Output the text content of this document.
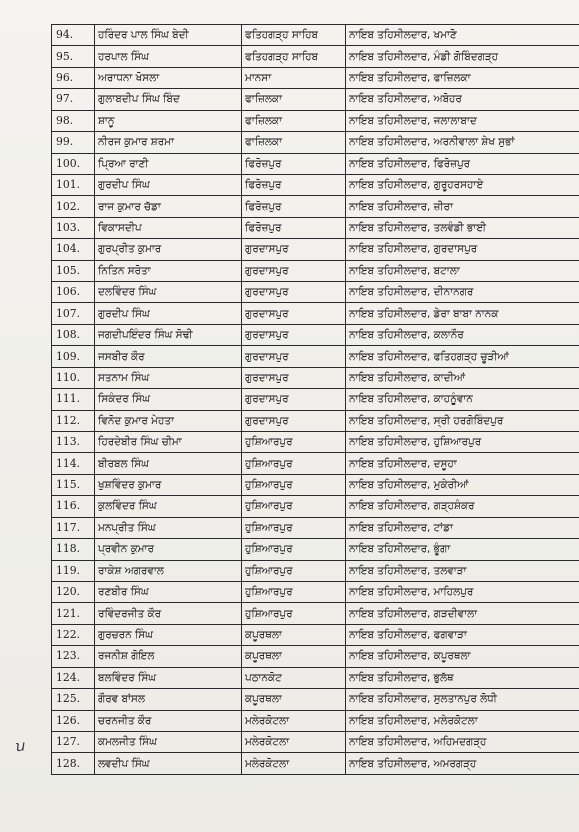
94.	ਹਰਿੰਦਰ ਪਾਲ ਸਿੰਘ ਬੇਦੀ	ਫਤਿਹਗੜ੍ਹ ਸਾਹਿਬ	ਨਾਇਬ ਤਹਿਸੀਲਦਾਰ, ਖਮਾਣੋ
95.	ਹਰਪਾਲ ਸਿੰਘ	ਫਤਿਹਗੜ੍ਹ ਸਾਹਿਬ	ਨਾਇਬ ਤਹਿਸੀਲਦਾਰ, ਮੰਡੀ ਗੋਬਿੰਦਗੜ੍ਹ
96.	ਅਰਾਧਨਾ ਖੋਸਲਾ	ਮਾਨਸਾ	ਨਾਇਬ ਤਹਿਸੀਲਦਾਰ, ਫਾਜ਼ਿਲਕਾ
97.	ਗੁਲਾਬਦੀਪ ਸਿੰਘ ਬਿੰਦ	ਫਾਜ਼ਿਲਕਾ	ਨਾਇਬ ਤਹਿਸੀਲਦਾਰ, ਅਬੋਹਰ
98.	ਸ਼ਾਨੂ	ਫਾਜ਼ਿਲਕਾ	ਨਾਇਬ ਤਹਿਸੀਲਦਾਰ, ਜਲਾਲਾਬਾਦ
99.	ਨੀਰਜ ਕੁਮਾਰ ਸ਼ਰਮਾ	ਫਾਜ਼ਿਲਕਾ	ਨਾਇਬ ਤਹਿਸੀਲਦਾਰ, ਅਰਨੀਵਾਲਾ ਸ਼ੇਖ ਸੁਭਾਂ
100.	ਪ੍ਰਿਆ ਰਾਣੀ	ਫਿਰੋਜ਼ਪੁਰ	ਨਾਇਬ ਤਹਿਸੀਲਦਾਰ, ਫਿਰੋਜ਼ਪੁਰ
101.	ਗੁਰਦੀਪ ਸਿੰਘ	ਫਿਰੋਜ਼ਪੁਰ	ਨਾਇਬ ਤਹਿਸੀਲਦਾਰ, ਗੁਰੂਹਰਸਹਾਏ
102.	ਰਾਜ ਕੁਮਾਰ ਚੱਡਾ	ਫਿਰੋਜ਼ਪੁਰ	ਨਾਇਬ ਤਹਿਸੀਲਦਾਰ, ਜ਼ੀਰਾ
103.	ਵਿਕਾਸਦੀਪ	ਫਿਰੋਜ਼ਪੁਰ	ਨਾਇਬ ਤਹਿਸੀਲਦਾਰ, ਤਲਵੰਡੀ ਭਾਈ
104.	ਗੁਰਪ੍ਰੀਤ ਕੁਮਾਰ	ਗੁਰਦਾਸਪੁਰ	ਨਾਇਬ ਤਹਿਸੀਲਦਾਰ, ਗੁਰਦਾਸਪੁਰ
105.	ਨਿਤਿਨ ਸਰੋਤਾ	ਗੁਰਦਾਸਪੁਰ	ਨਾਇਬ ਤਹਿਸੀਲਦਾਰ, ਬਟਾਲਾ
106.	ਦਲਵਿੰਦਰ ਸਿੰਘ	ਗੁਰਦਾਸਪੁਰ	ਨਾਇਬ ਤਹਿਸੀਲਦਾਰ, ਦੀਨਾਨਗਰ
107.	ਗੁਰਦੀਪ ਸਿੰਘ	ਗੁਰਦਾਸਪੁਰ	ਨਾਇਬ ਤਹਿਸੀਲਦਾਰ, ਡੇਰਾ ਬਾਬਾ ਨਾਨਕ
108.	ਜਗਦੀਪਇੰਦਰ ਸਿੰਘ ਸੋਢੀ	ਗੁਰਦਾਸਪੁਰ	ਨਾਇਬ ਤਹਿਸੀਲਦਾਰ, ਕਲਾਨੌਰ
109.	ਜਸਬੀਰ ਕੌਰ	ਗੁਰਦਾਸਪੁਰ	ਨਾਇਬ ਤਹਿਸੀਲਦਾਰ, ਫਤਿਹਗੜ੍ਹ ਚੂੜੀਆਂ
110.	ਸਤਨਾਮ ਸਿੰਘ	ਗੁਰਦਾਸਪੁਰ	ਨਾਇਬ ਤਹਿਸੀਲਦਾਰ, ਕਾਦੀਆਂ
111.	ਸਿਕੰਦਰ ਸਿੰਘ	ਗੁਰਦਾਸਪੁਰ	ਨਾਇਬ ਤਹਿਸੀਲਦਾਰ, ਕਾਹਨੂੰਵਾਨ
112.	ਵਿਨੋਦ ਕੁਮਾਰ ਮੇਹਤਾ	ਗੁਰਦਾਸਪੁਰ	ਨਾਇਬ ਤਹਿਸੀਲਦਾਰ, ਸ੍ਰੀ ਹਰਗੋਬਿੰਦਪੁਰ
113.	ਹਿਰਦੇਬੀਰ ਸਿੰਘ ਚੀਮਾ	ਹੁਸ਼ਿਆਰਪੁਰ	ਨਾਇਬ ਤਹਿਸੀਲਦਾਰ, ਹੁਸ਼ਿਆਰਪੁਰ
114.	ਬੀਰਬਲ ਸਿੰਘ	ਹੁਸ਼ਿਆਰਪੁਰ	ਨਾਇਬ ਤਹਿਸੀਲਦਾਰ, ਦਸੂਹਾ
115.	ਖੁਸ਼ਵਿੰਦਰ ਕੁਮਾਰ	ਹੁਸ਼ਿਆਰਪੁਰ	ਨਾਇਬ ਤਹਿਸੀਲਦਾਰ, ਮੁਕੇਰੀਆਂ
116.	ਕੁਲਵਿੰਦਰ ਸਿੰਘ	ਹੁਸ਼ਿਆਰਪੁਰ	ਨਾਇਬ ਤਹਿਸੀਲਦਾਰ, ਗੜ੍ਹਸ਼ੰਕਰ
117.	ਮਨਪ੍ਰੀਤ ਸਿੰਘ	ਹੁਸ਼ਿਆਰਪੁਰ	ਨਾਇਬ ਤਹਿਸੀਲਦਾਰ, ਟਾਂਡਾ
118.	ਪ੍ਰਵੀਨ ਕੁਮਾਰ	ਹੁਸ਼ਿਆਰਪੁਰ	ਨਾਇਬ ਤਹਿਸੀਲਦਾਰ, ਭੂੰਗਾ
119.	ਰਾਕੇਸ਼ ਅਗਰਵਾਲ	ਹੁਸ਼ਿਆਰਪੁਰ	ਨਾਇਬ ਤਹਿਸੀਲਦਾਰ, ਤਲਵਾੜਾ
120.	ਰਣਬੀਰ ਸਿੰਘ	ਹੁਸ਼ਿਆਰਪੁਰ	ਨਾਇਬ ਤਹਿਸੀਲਦਾਰ, ਮਾਹਿਲਪੁਰ
121.	ਰਵਿੰਦਰਜੀਤ ਕੌਰ	ਹੁਸ਼ਿਆਰਪੁਰ	ਨਾਇਬ ਤਹਿਸੀਲਦਾਰ, ਗੜਦੀਵਾਲਾ
122.	ਗੁਰਚਰਨ ਸਿੰਘ	ਕਪੂਰਥਲਾ	ਨਾਇਬ ਤਹਿਸੀਲਦਾਰ, ਫਗਵਾੜਾ
123.	ਰਜਨੀਸ਼ ਗੋਇਲ	ਕਪੂਰਥਲਾ	ਨਾਇਬ ਤਹਿਸੀਲਦਾਰ, ਕਪੂਰਥਲਾ
124.	ਬਲਵਿੰਦਰ ਸਿੰਘ	ਪਠਾਨਕੋਟ	ਨਾਇਬ ਤਹਿਸੀਲਦਾਰ, ਭੁਲੱਥ
125.	ਗੌਰਵ ਬਾਂਸਲ	ਕਪੂਰਥਲਾ	ਨਾਇਬ ਤਹਿਸੀਲਦਾਰ, ਸੁਲਤਾਨਪੁਰ ਲੋਧੀ
126.	ਚਰਨਜੀਤ ਕੌਰ	ਮਲੇਰਕੋਟਲਾ	ਨਾਇਬ ਤਹਿਸੀਲਦਾਰ, ਮਲੇਰਕੋਟਲਾ
127.	ਕਮਲਜੀਤ ਸਿੰਘ	ਮਲੇਰਕੋਟਲਾ	ਨਾਇਬ ਤਹਿਸੀਲਦਾਰ, ਅਹਿਮਦਗੜ੍ਹ
128.	ਲਵਦੀਪ ਸਿੰਘ	ਮਲੇਰਕੋਟਲਾ	ਨਾਇਬ ਤਹਿਸੀਲਦਾਰ, ਅਮਰਗੜ੍ਹ
ꭒ
